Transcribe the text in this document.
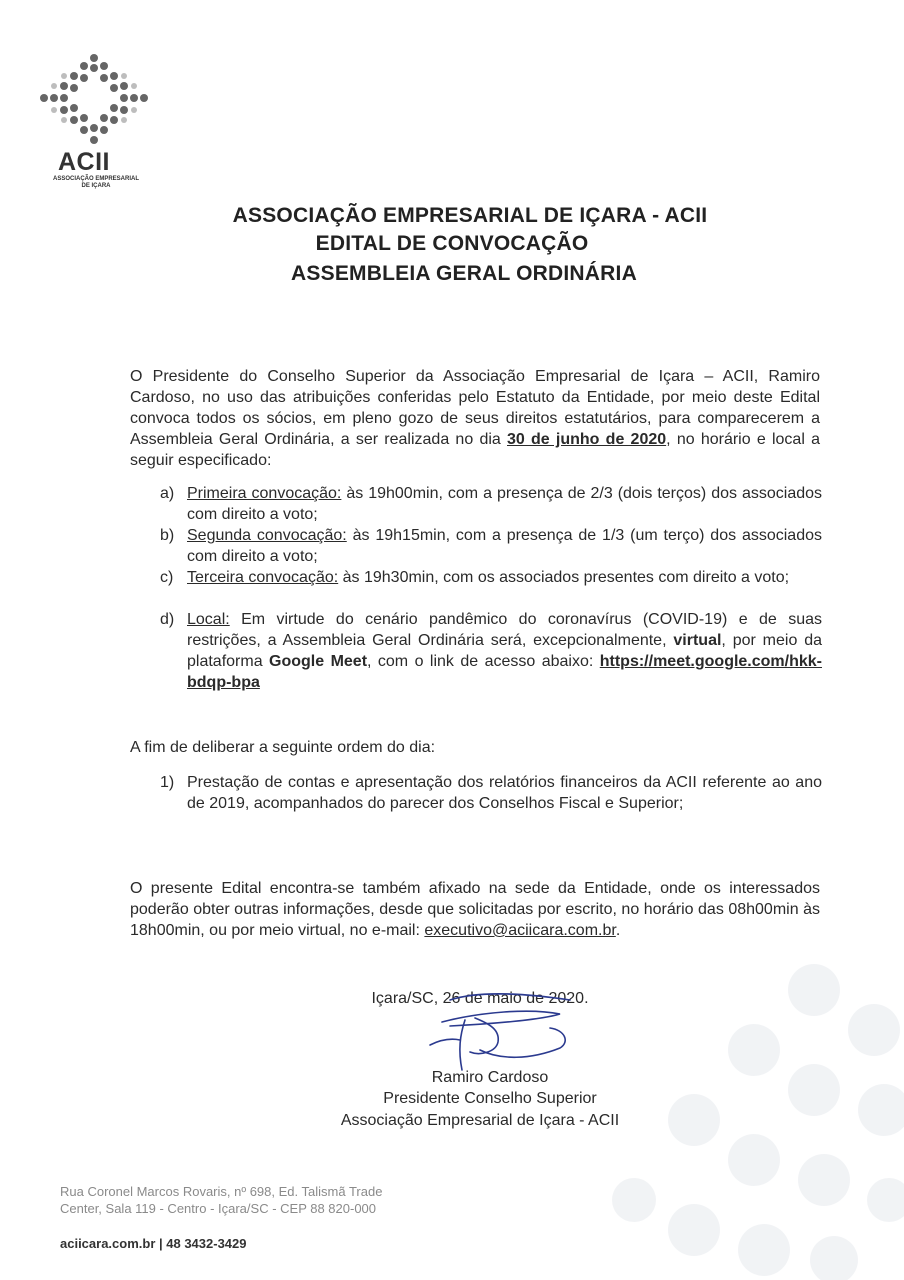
ACII
ASSOCIAÇÃO EMPRESARIAL
DE IÇARA
ASSOCIAÇÃO EMPRESARIAL DE IÇARA - ACII
EDITAL DE CONVOCAÇÃO
ASSEMBLEIA GERAL ORDINÁRIA
O Presidente do Conselho Superior da Associação Empresarial de Içara – ACII, Ramiro Cardoso, no uso das atribuições conferidas pelo Estatuto da Entidade, por meio deste Edital convoca todos os sócios, em pleno gozo de seus direitos estatutários, para comparecerem a Assembleia Geral Ordinária, a ser realizada no dia 30 de junho de 2020, no horário e local a seguir especificado:
a) Primeira convocação: às 19h00min, com a presença de 2/3 (dois terços) dos associados com direito a voto;
b) Segunda convocação: às 19h15min, com a presença de 1/3 (um terço) dos associados com direito a voto;
c) Terceira convocação: às 19h30min, com os associados presentes com direito a voto;
d) Local: Em virtude do cenário pandêmico do coronavírus (COVID-19) e de suas restrições, a Assembleia Geral Ordinária será, excepcionalmente, virtual, por meio da plataforma Google Meet, com o link de acesso abaixo: https://meet.google.com/hkk-bdqp-bpa
A fim de deliberar a seguinte ordem do dia:
1) Prestação de contas e apresentação dos relatórios financeiros da ACII referente ao ano de 2019, acompanhados do parecer dos Conselhos Fiscal e Superior;
O presente Edital encontra-se também afixado na sede da Entidade, onde os interessados poderão obter outras informações, desde que solicitadas por escrito, no horário das 08h00min às 18h00min, ou por meio virtual, no e-mail: executivo@aciicara.com.br.
Içara/SC, 26 de maio de 2020.
Ramiro Cardoso
Presidente Conselho Superior
Associação Empresarial de Içara - ACII
Rua Coronel Marcos Rovaris, nº 698, Ed. Talismã Trade
Center, Sala 119 - Centro - Içara/SC - CEP 88 820-000
aciicara.com.br | 48 3432-3429
